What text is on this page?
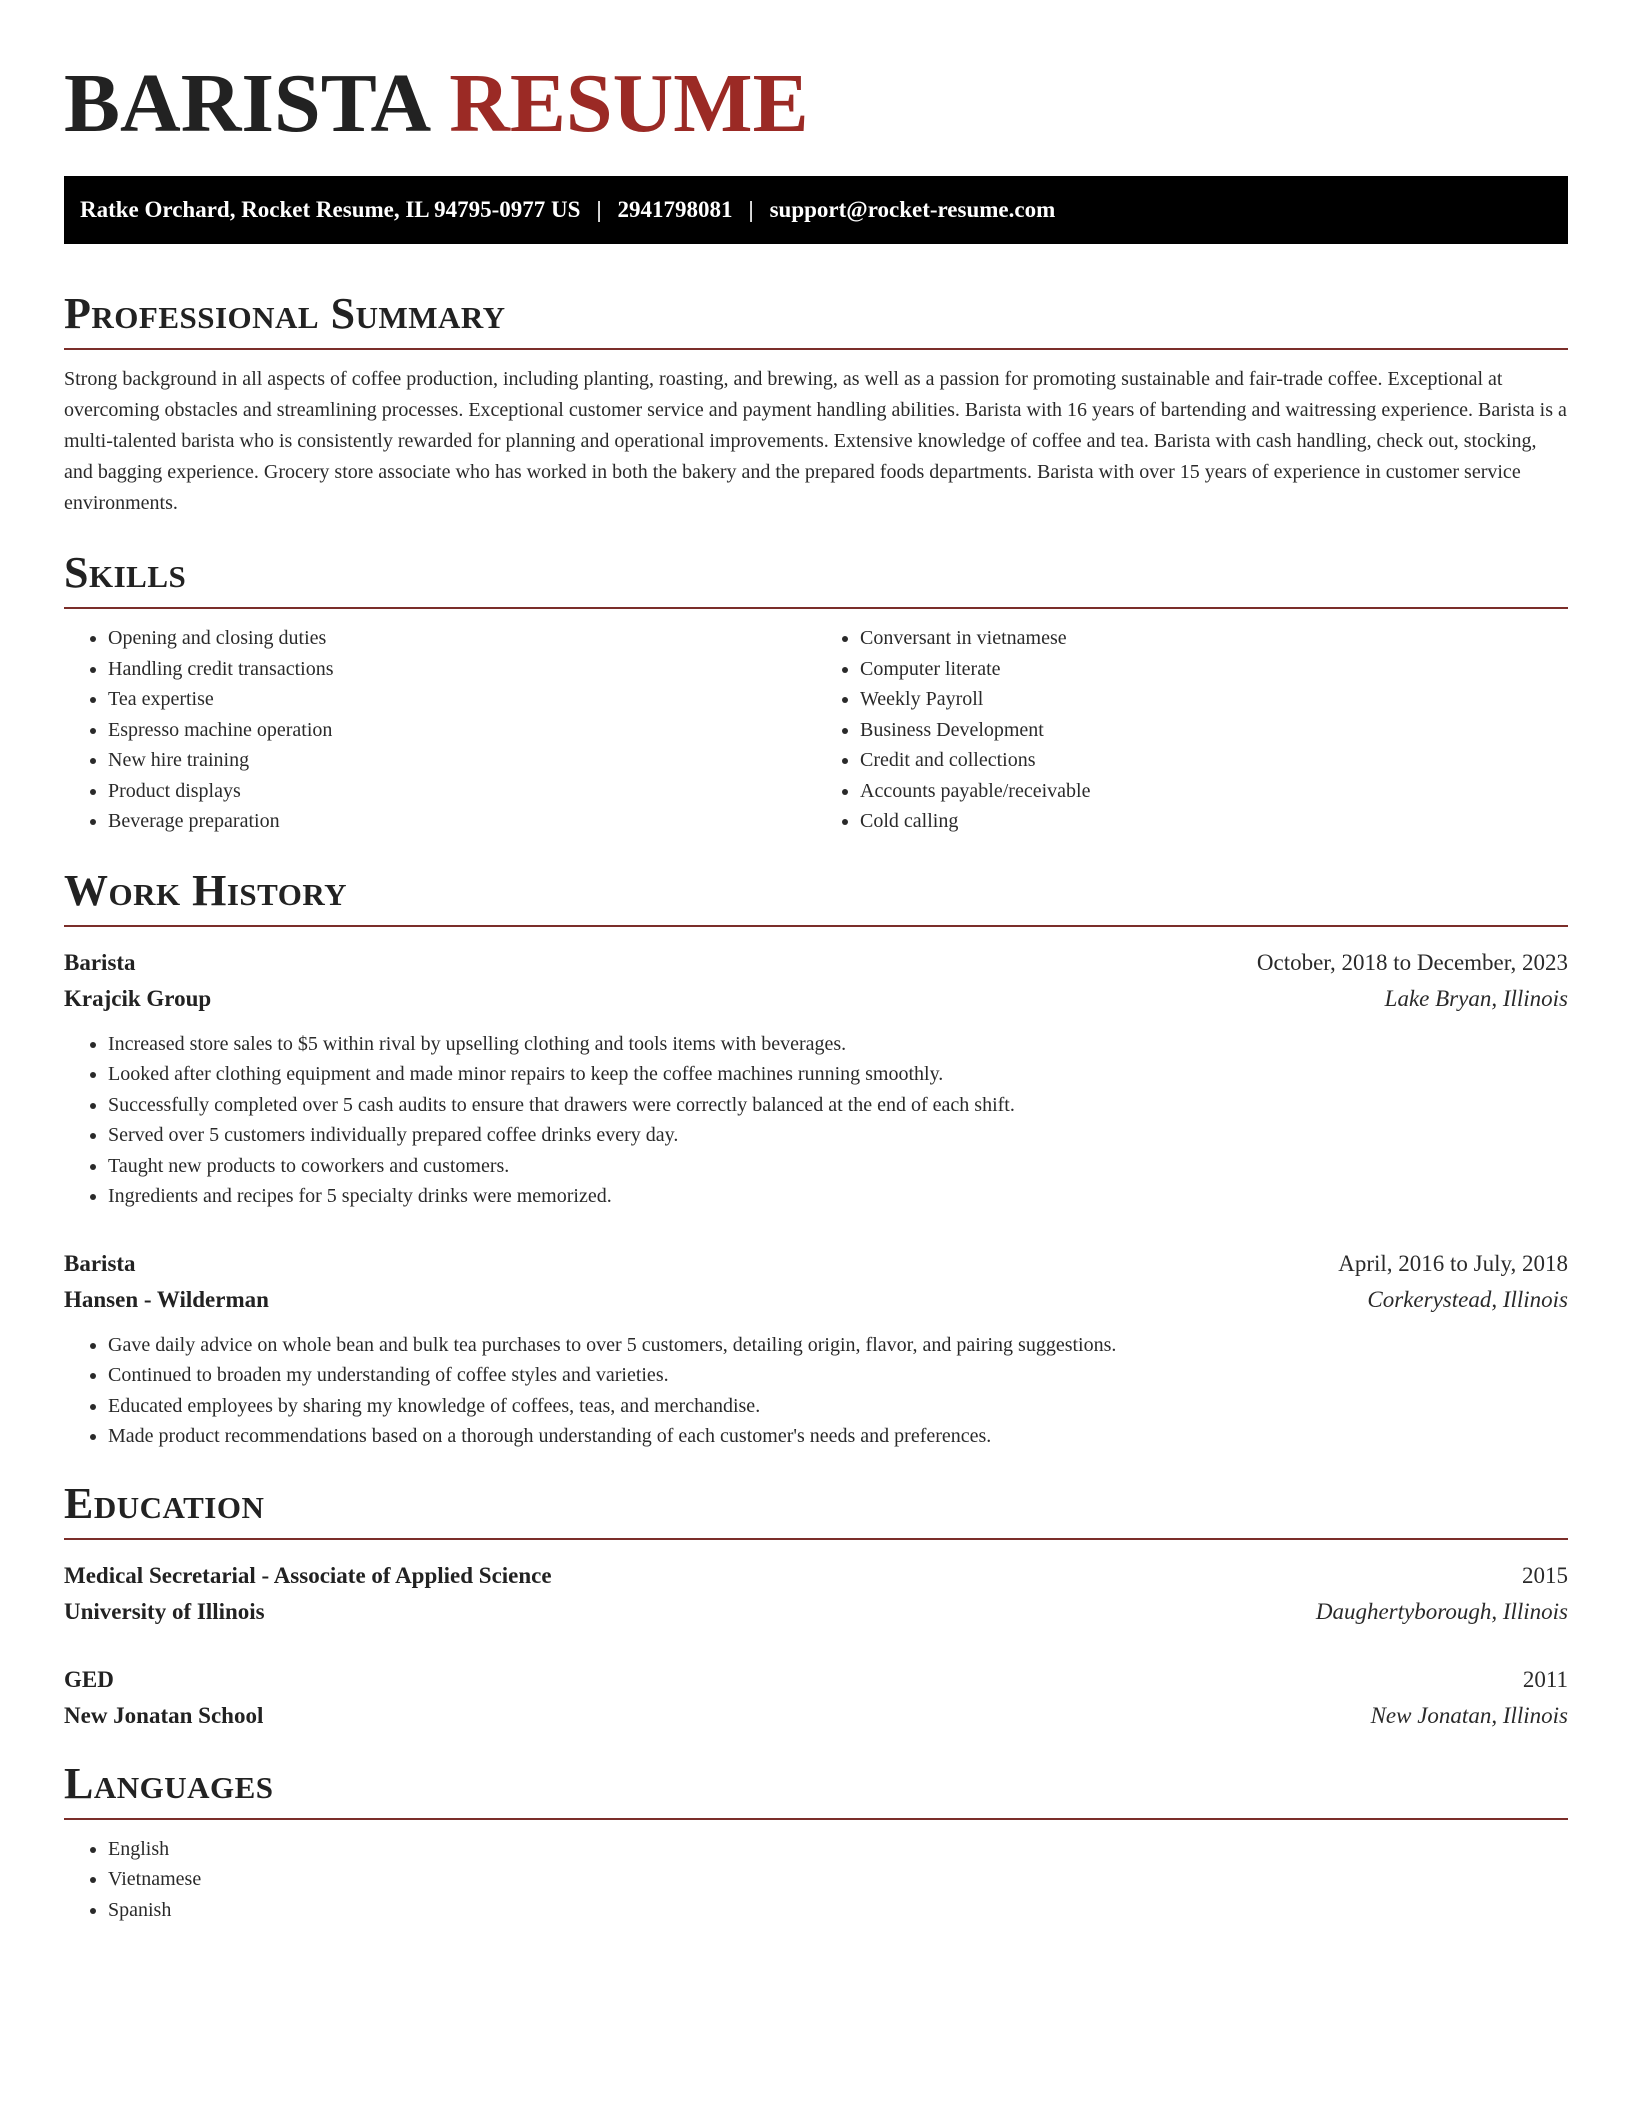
BARISTA RESUME
Ratke Orchard, Rocket Resume, IL 94795-0977 US | 2941798081 | support@rocket-resume.com
Professional Summary

Strong background in all aspects of coffee production, including planting, roasting, and brewing, as well as a passion for promoting sustainable and fair-trade coffee. Exceptional at overcoming obstacles and streamlining processes. Exceptional customer service and payment handling abilities. Barista with 16 years of bartending and waitressing experience. Barista is a multi-talented barista who is consistently rewarded for planning and operational improvements. Extensive knowledge of coffee and tea. Barista with cash handling, check out, stocking, and bagging experience. Grocery store associate who has worked in both the bakery and the prepared foods departments. Barista with over 15 years of experience in customer service environments.

Skills
• Opening and closing duties
• Handling credit transactions
• Tea expertise
• Espresso machine operation
• New hire training
• Product displays
• Beverage preparation
• Conversant in vietnamese
• Computer literate
• Weekly Payroll
• Business Development
• Credit and collections
• Accounts payable/receivable
• Cold calling
Work History
Barista	October, 2018 to December, 2023
Krajcik Group	Lake Bryan, Illinois
• Increased store sales to $5 within rival by upselling clothing and tools items with beverages.
• Looked after clothing equipment and made minor repairs to keep the coffee machines running smoothly.
• Successfully completed over 5 cash audits to ensure that drawers were correctly balanced at the end of each shift.
• Served over 5 customers individually prepared coffee drinks every day.
• Taught new products to coworkers and customers.
• Ingredients and recipes for 5 specialty drinks were memorized.
Barista	April, 2016 to July, 2018
Hansen - Wilderman	Corkerystead, Illinois
• Gave daily advice on whole bean and bulk tea purchases to over 5 customers, detailing origin, flavor, and pairing suggestions.
• Continued to broaden my understanding of coffee styles and varieties.
• Educated employees by sharing my knowledge of coffees, teas, and merchandise.
• Made product recommendations based on a thorough understanding of each customer's needs and preferences.
Education
Medical Secretarial - Associate of Applied Science	2015
University of Illinois	Daughertyborough, Illinois
GED	2011
New Jonatan School	New Jonatan, Illinois
Languages
• English
• Vietnamese
• Spanish
